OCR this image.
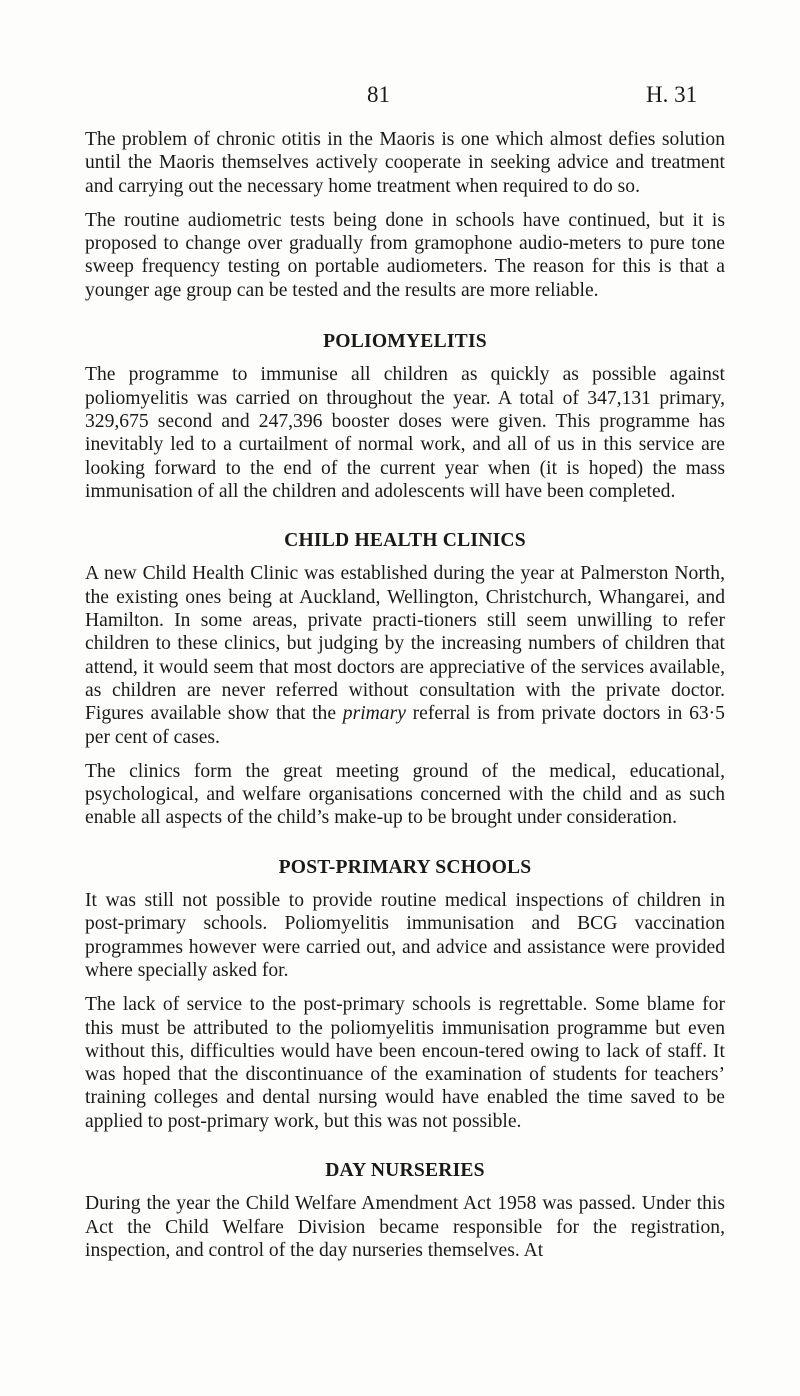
81	H. 31

The problem of chronic otitis in the Maoris is one which almost defies solution until the Maoris themselves actively cooperate in seeking advice and treatment and carrying out the necessary home treatment when required to do so.

The routine audiometric tests being done in schools have continued, but it is proposed to change over gradually from gramophone audio-meters to pure tone sweep frequency testing on portable audiometers. The reason for this is that a younger age group can be tested and the results are more reliable.

POLIOMYELITIS

The programme to immunise all children as quickly as possible against poliomyelitis was carried on throughout the year. A total of 347,131 primary, 329,675 second and 247,396 booster doses were given. This programme has inevitably led to a curtailment of normal work, and all of us in this service are looking forward to the end of the current year when (it is hoped) the mass immunisation of all the children and adolescents will have been completed.

CHILD HEALTH CLINICS

A new Child Health Clinic was established during the year at Palmerston North, the existing ones being at Auckland, Wellington, Christchurch, Whangarei, and Hamilton. In some areas, private practi-tioners still seem unwilling to refer children to these clinics, but judging by the increasing numbers of children that attend, it would seem that most doctors are appreciative of the services available, as children are never referred without consultation with the private doctor. Figures available show that the primary referral is from private doctors in 63·5 per cent of cases.

The clinics form the great meeting ground of the medical, educational, psychological, and welfare organisations concerned with the child and as such enable all aspects of the child’s make-up to be brought under consideration.

POST-PRIMARY SCHOOLS

It was still not possible to provide routine medical inspections of children in post-primary schools. Poliomyelitis immunisation and BCG vaccination programmes however were carried out, and advice and assistance were provided where specially asked for.

The lack of service to the post-primary schools is regrettable. Some blame for this must be attributed to the poliomyelitis immunisation programme but even without this, difficulties would have been encoun-tered owing to lack of staff. It was hoped that the discontinuance of the examination of students for teachers’ training colleges and dental nursing would have enabled the time saved to be applied to post-primary work, but this was not possible.

DAY NURSERIES

During the year the Child Welfare Amendment Act 1958 was passed. Under this Act the Child Welfare Division became responsible for the registration, inspection, and control of the day nurseries themselves. At
